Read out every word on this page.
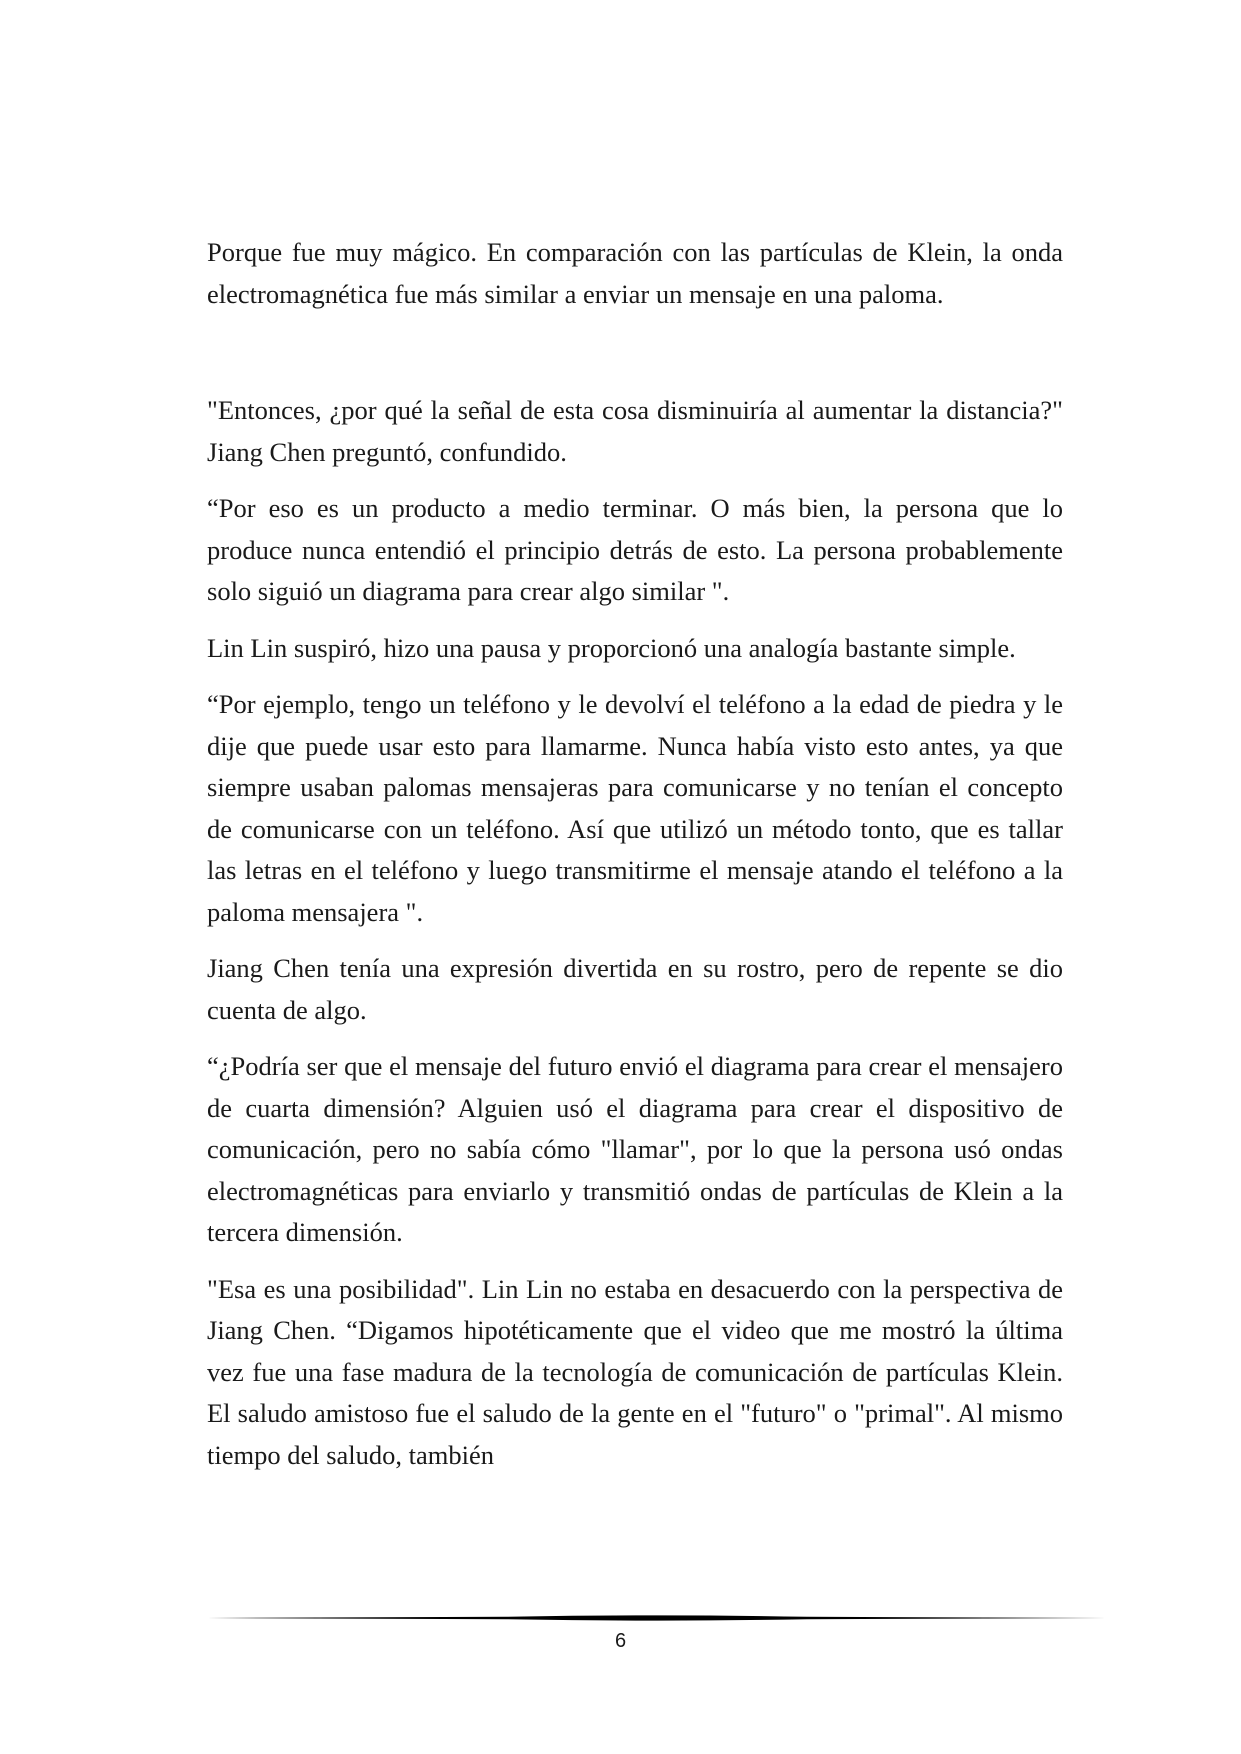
Porque fue muy mágico. En comparación con las partículas de Klein, la onda electromagnética fue más similar a enviar un mensaje en una paloma.

"Entonces, ¿por qué la señal de esta cosa disminuiría al aumentar la distancia?" Jiang Chen preguntó, confundido.

“Por eso es un producto a medio terminar. O más bien, la persona que lo produce nunca entendió el principio detrás de esto. La persona probablemente solo siguió un diagrama para crear algo similar ".

Lin Lin suspiró, hizo una pausa y proporcionó una analogía bastante simple.

“Por ejemplo, tengo un teléfono y le devolví el teléfono a la edad de piedra y le dije que puede usar esto para llamarme. Nunca había visto esto antes, ya que siempre usaban palomas mensajeras para comunicarse y no tenían el concepto de comunicarse con un teléfono. Así que utilizó un método tonto, que es tallar las letras en el teléfono y luego transmitirme el mensaje atando el teléfono a la paloma mensajera ".

Jiang Chen tenía una expresión divertida en su rostro, pero de repente se dio cuenta de algo.

“¿Podría ser que el mensaje del futuro envió el diagrama para crear el mensajero de cuarta dimensión? Alguien usó el diagrama para crear el dispositivo de comunicación, pero no sabía cómo "llamar", por lo que la persona usó ondas electromagnéticas para enviarlo y transmitió ondas de partículas de Klein a la tercera dimensión.

"Esa es una posibilidad". Lin Lin no estaba en desacuerdo con la perspectiva de Jiang Chen. “Digamos hipotéticamente que el video que me mostró la última vez fue una fase madura de la tecnología de comunicación de partículas Klein. El saludo amistoso fue el saludo de la gente en el "futuro" o "primal". Al mismo tiempo del saludo, también

6
